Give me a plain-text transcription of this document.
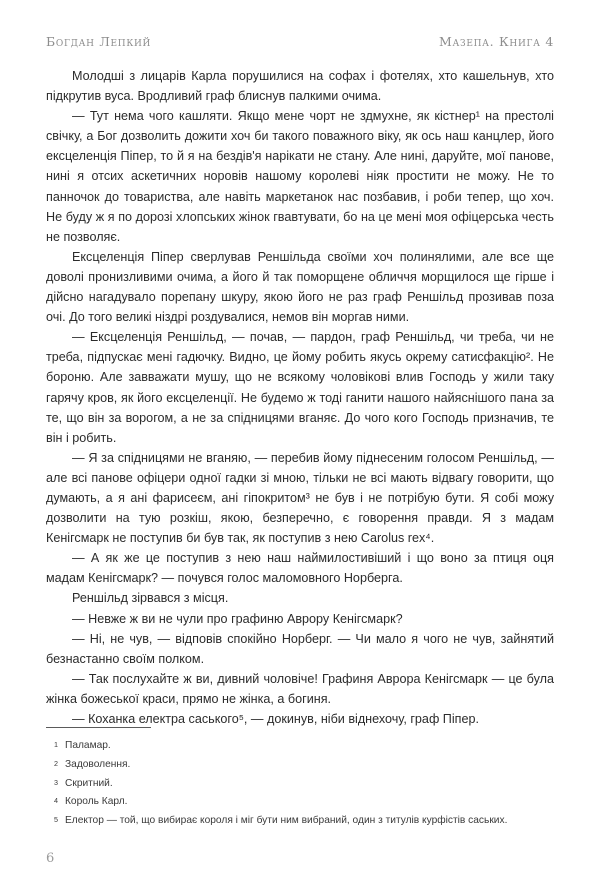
Богдан Лепкий	Мазепа. Книга 4

Молодші з лицарів Карла порушилися на софах і фотелях, хто кашельнув, хто підкрутив вуса. Вродливий граф блиснув палкими очима.

— Тут нема чого кашляти. Якщо мене чорт не здмухне, як кістнер¹ на престолі свічку, а Бог дозволить дожити хоч би такого поважного віку, як ось наш канцлер, його ексцеленція Піпер, то й я на бездів'я нарікати не стану. Але нині, даруйте, мої панове, нині я отсих аскетичних норовів нашому королеві ніяк простити не можу. Не то панночок до товариства, але навіть маркетанок нас позбавив, і роби тепер, що хоч. Не буду ж я по дорозі хлопських жінок гвавтувати, бо на це мені моя офіцерська честь не позволяє.

Ексцеленція Піпер сверлував Реншільда своїми хоч полинялими, але все ще доволі пронизливими очима, а його й так поморщене обличчя морщилося ще гірше і дійсно нагадувало порепану шкуру, якою його не раз граф Реншільд прозивав поза очі. До того великі ніздрі роздувалися, немов він моргав ними.

— Ексцеленція Реншільд, — почав, — пардон, граф Реншільд, чи треба, чи не треба, підпускає мені гадючку. Видно, це йому робить якусь окрему сатисфакцію². Не бороню. Але завважати мушу, що не всякому чоловікові влив Господь у жили таку гарячу кров, як його ексцеленції. Не будемо ж тоді ганити нашого найяснішого пана за те, що він за ворогом, а не за спідницями вганяє. До чого кого Господь призначив, те він і робить.

— Я за спідницями не вганяю, — перебив йому піднесеним голосом Реншільд, — але всі панове офіцери одної гадки зі мною, тільки не всі мають відвагу говорити, що думають, а я ані фарисеєм, ані гіпокритом³ не був і не потрібую бути. Я собі можу дозволити на тую розкіш, якою, безперечно, є говорення правди. Я з мадам Кенігсмарк не поступив би був так, як поступив з нею Carolus rex⁴.

— А як же це поступив з нею наш наймилостивіший і що воно за птиця оця мадам Кенігсмарк? — почувся голос маломовного Норберга.

Реншільд зірвався з місця.

— Невже ж ви не чули про графиню Аврору Кенігсмарк?

— Ні, не чув, — відповів спокійно Норберг. — Чи мало я чого не чув, зайнятий безнастанно своїм полком.

— Так послухайте ж ви, дивний чоловіче! Графиня Аврора Кенігсмарк — це була жінка божеської краси, прямо не жінка, а богиня.

— Коханка електра саського⁵, — докинув, ніби віднехочу, граф Піпер.

1 Паламар.
2 Задоволення.
3 Скритний.
4 Король Карл.
5 Електор — той, що вибирає короля і міг бути ним вибраний, один з титулів курфістів саських.
6
